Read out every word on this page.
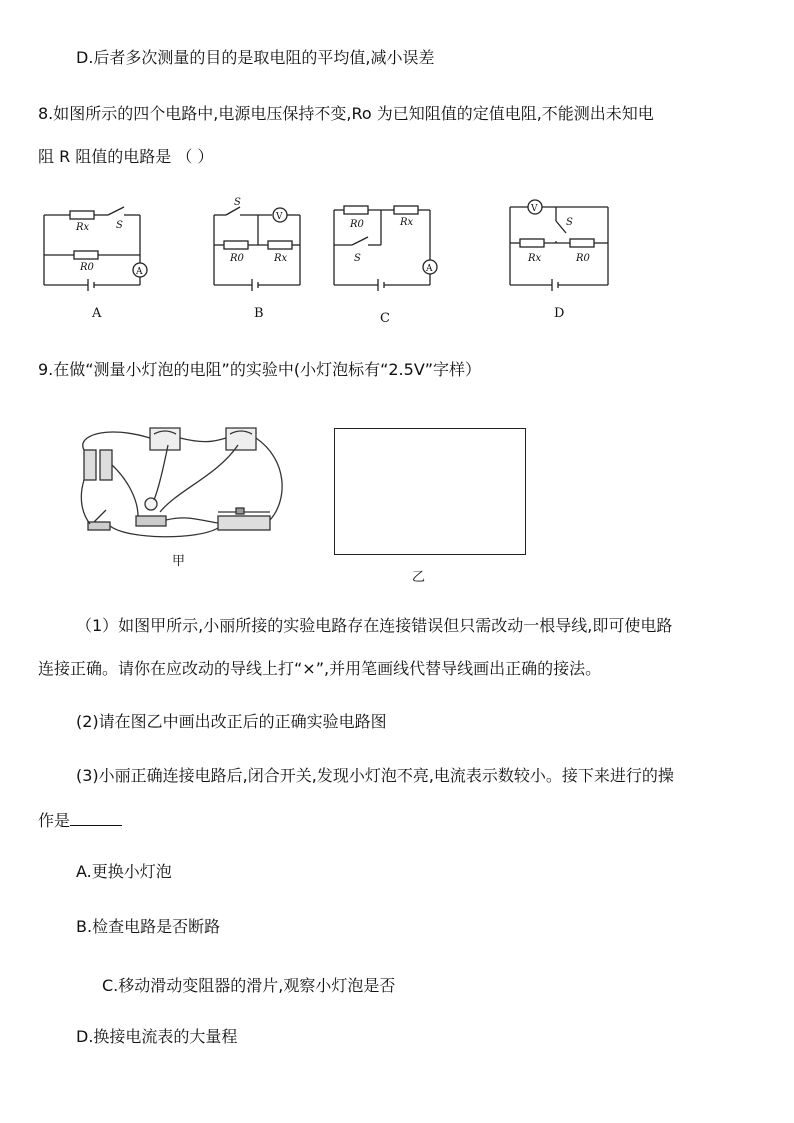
D.后者多次测量的目的是取电阻的平均值,减小误差
8.如图所示的四个电路中,电源电压保持不变,Ro 为已知阻值的定值电阻,不能测出未知电
阻 R 阻值的电路是 （ ）
Rx	S
R0	A
S
V
R0	Rx
R0	Rx
S
A
V
S
Rx	R0
A	B	C	D
9.在做“测量小灯泡的电阻”的实验中(小灯泡标有“2.5V”字样）
甲
乙
（1）如图甲所示,小丽所接的实验电路存在连接错误但只需改动一根导线,即可使电路
连接正确。请你在应改动的导线上打“×”,并用笔画线代替导线画出正确的接法。
(2)请在图乙中画出改正后的正确实验电路图
(3)小丽正确连接电路后,闭合开关,发现小灯泡不亮,电流表示数较小。接下来进行的操
作是
A.更换小灯泡
B.检查电路是否断路
C.移动滑动变阻器的滑片,观察小灯泡是否
D.换接电流表的大量程
